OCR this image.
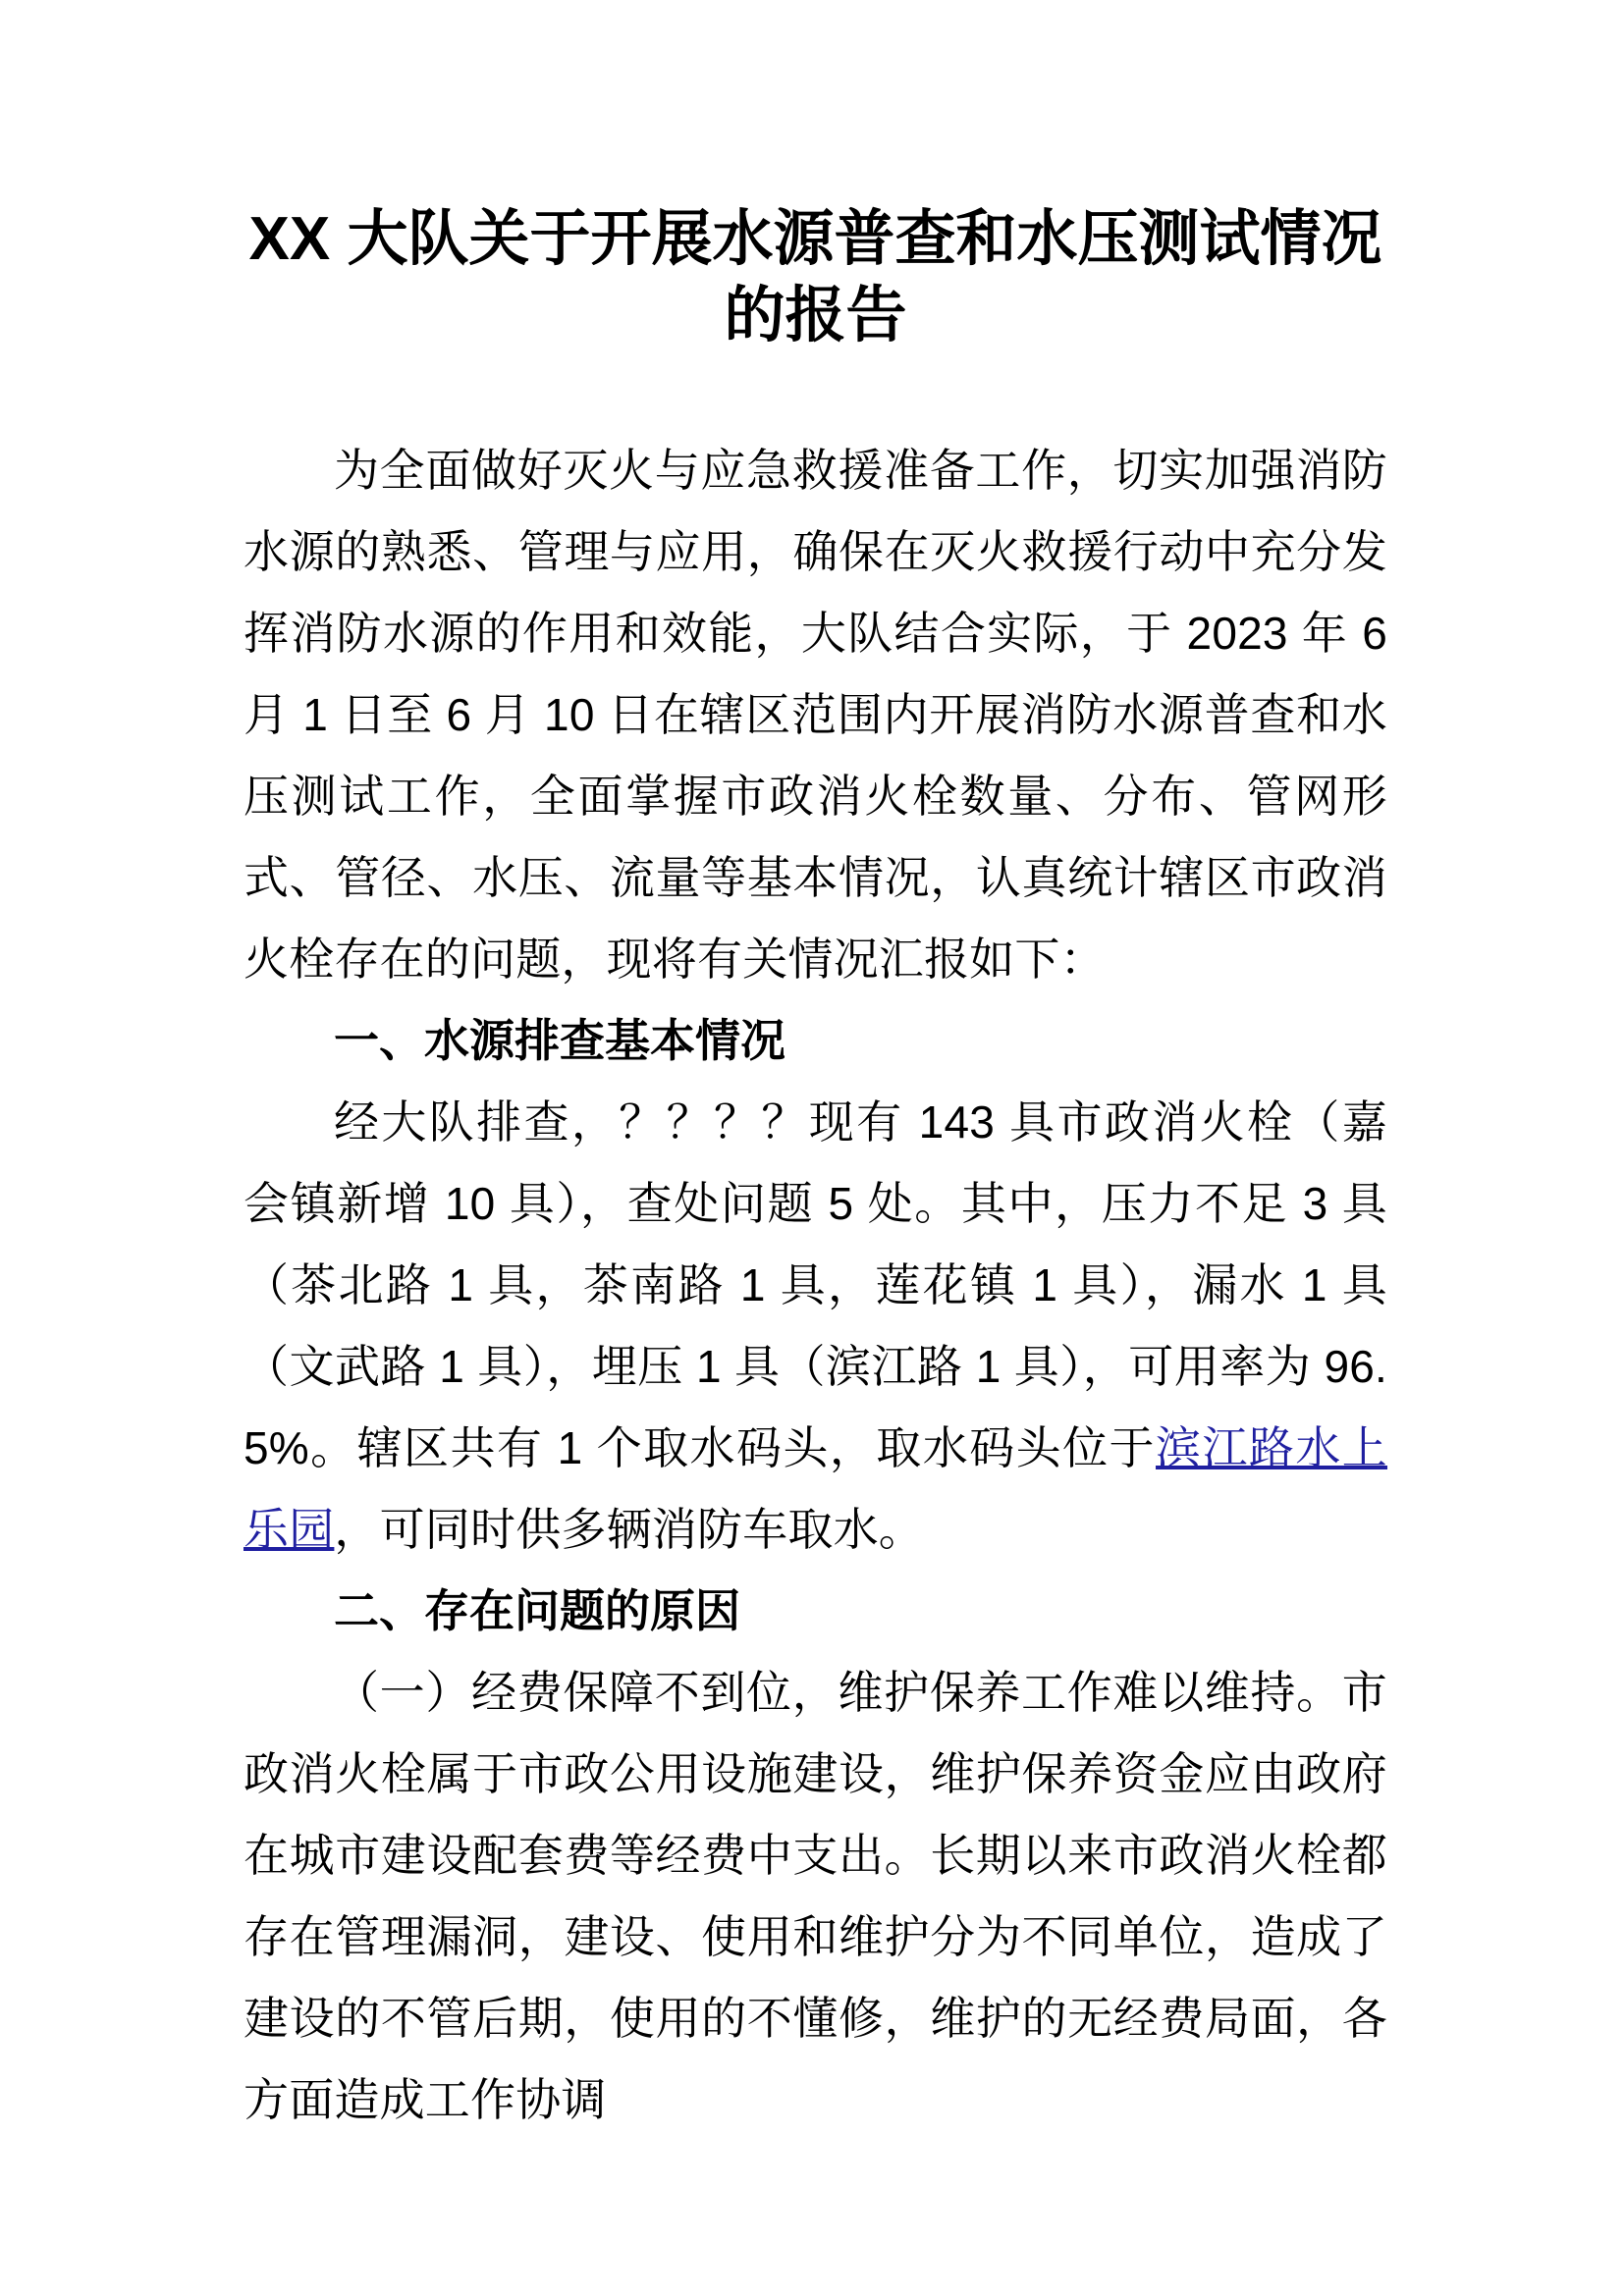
XX 大队关于开展水源普查和水压测试情况的报告

为全面做好灭火与应急救援准备工作，切实加强消防水源的熟悉、管理与应用，确保在灭火救援行动中充分发挥消防水源的作用和效能，大队结合实际，于 2023 年 6 月 1 日至 6 月 10 日在辖区范围内开展消防水源普查和水压测试工作，全面掌握市政消火栓数量、分布、管网形式、管径、水压、流量等基本情况，认真统计辖区市政消火栓存在的问题，现将有关情况汇报如下：

一、水源排查基本情况

经大队排查，？？？？现有 143 具市政消火栓（嘉会镇新增 10 具），查处问题 5 处。其中，压力不足 3 具（茶北路 1 具，茶南路 1 具，莲花镇 1 具），漏水 1 具（文武路 1 具），埋压 1 具（滨江路 1 具），可用率为 96.5%。辖区共有 1 个取水码头，取水码头位于滨江路水上乐园，可同时供多辆消防车取水。

二、存在问题的原因

（一）经费保障不到位，维护保养工作难以维持。市政消火栓属于市政公用设施建设，维护保养资金应由政府在城市建设配套费等经费中支出。长期以来市政消火栓都存在管理漏洞，建设、使用和维护分为不同单位，造成了建设的不管后期，使用的不懂修，维护的无经费局面，各方面造成工作协调
